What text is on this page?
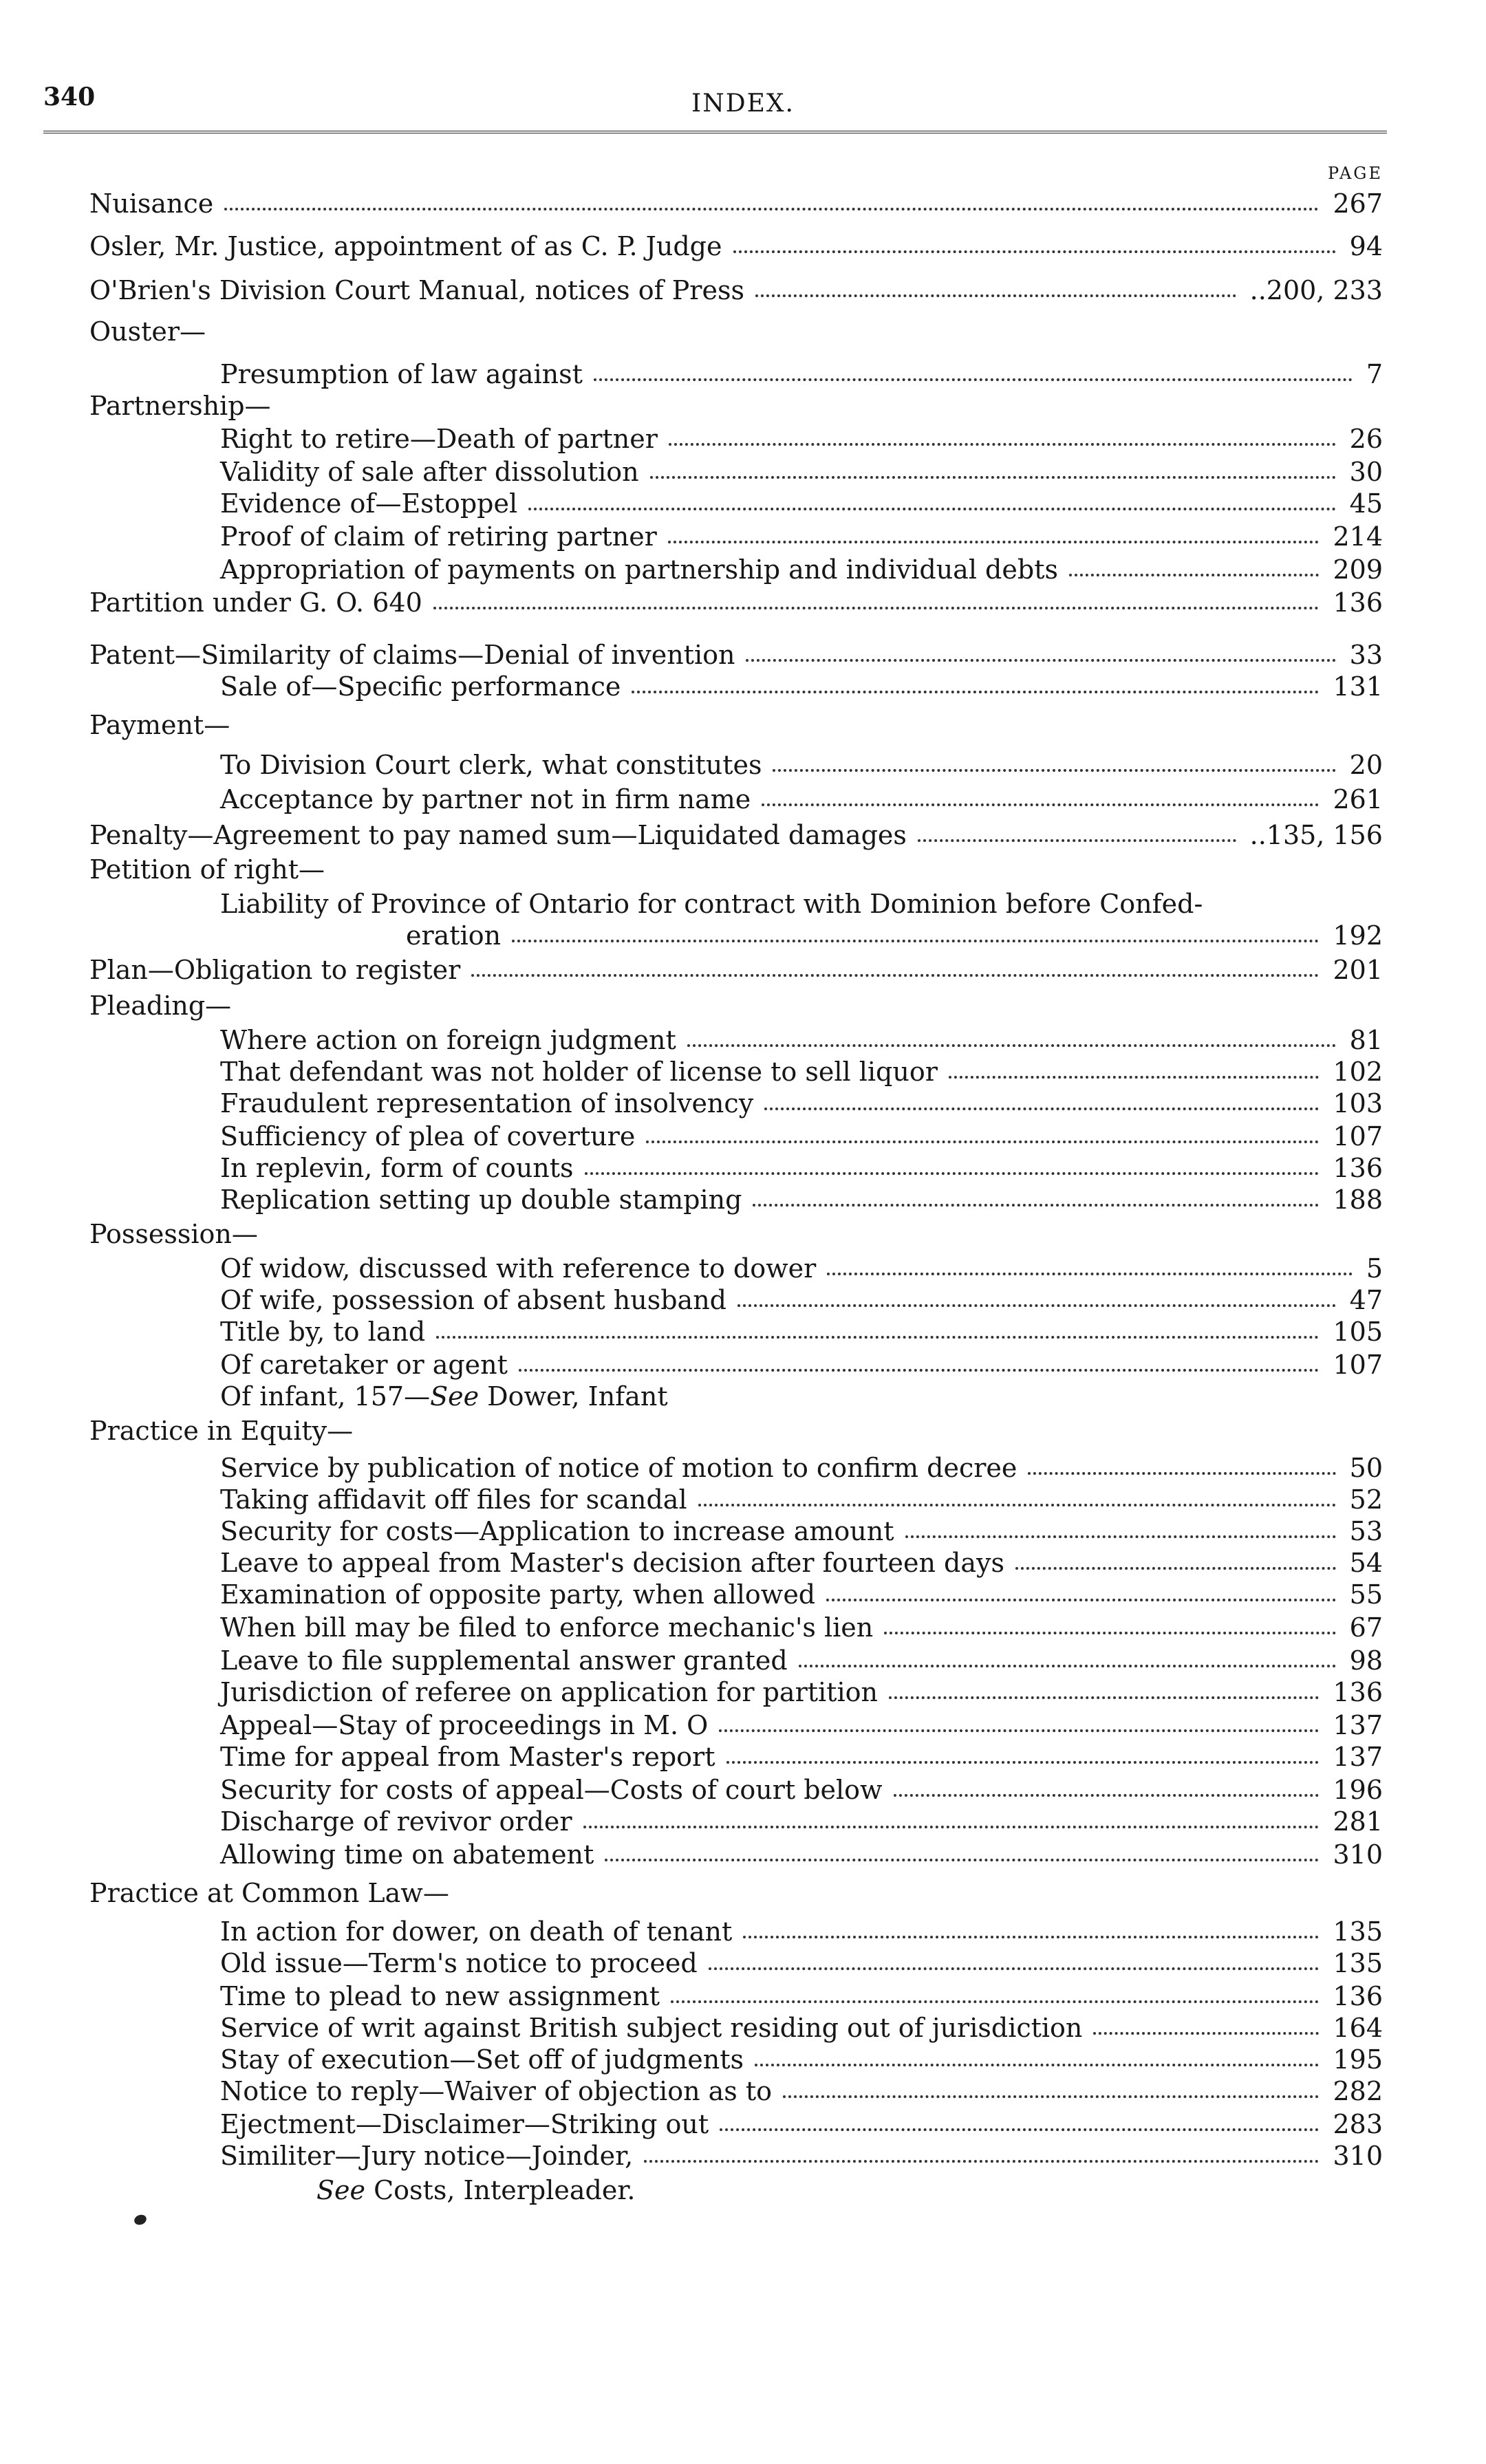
340	INDEX.
PAGE
Nuisance	267
Osler, Mr. Justice, appointment of as C. P. Judge	94
O'Brien's Division Court Manual, notices of Press	..200, 233
Ouster—
Presumption of law against	7
Partnership—
Right to retire—Death of partner	26
Validity of sale after dissolution	30
Evidence of—Estoppel	45
Proof of claim of retiring partner	214
Appropriation of payments on partnership and individual debts	209
Partition under G. O. 640	136
Patent—Similarity of claims—Denial of invention	33
Sale of—Specific performance	131
Payment—
To Division Court clerk, what constitutes	20
Acceptance by partner not in firm name	261
Penalty—Agreement to pay named sum—Liquidated damages	..135, 156
Petition of right—
Liability of Province of Ontario for contract with Dominion before Confed-
eration	192
Plan—Obligation to register	201
Pleading—
Where action on foreign judgment	81
That defendant was not holder of license to sell liquor	102
Fraudulent representation of insolvency	103
Sufficiency of plea of coverture	107
In replevin, form of counts	136
Replication setting up double stamping	188
Possession—
Of widow, discussed with reference to dower	5
Of wife, possession of absent husband	47
Title by, to land	105
Of caretaker or agent	107
Of infant, 157—See Dower, Infant
Practice in Equity—
Service by publication of notice of motion to confirm decree	50
Taking affidavit off files for scandal	52
Security for costs—Application to increase amount	53
Leave to appeal from Master's decision after fourteen days	54
Examination of opposite party, when allowed	55
When bill may be filed to enforce mechanic's lien	67
Leave to file supplemental answer granted	98
Jurisdiction of referee on application for partition	136
Appeal—Stay of proceedings in M. O	137
Time for appeal from Master's report	137
Security for costs of appeal—Costs of court below	196
Discharge of revivor order	281
Allowing time on abatement	310
Practice at Common Law—
In action for dower, on death of tenant	135
Old issue—Term's notice to proceed	135
Time to plead to new assignment	136
Service of writ against British subject residing out of jurisdiction	164
Stay of execution—Set off of judgments	195
Notice to reply—Waiver of objection as to	282
Ejectment—Disclaimer—Striking out	283
Similiter—Jury notice—Joinder,	310
See Costs, Interpleader.
